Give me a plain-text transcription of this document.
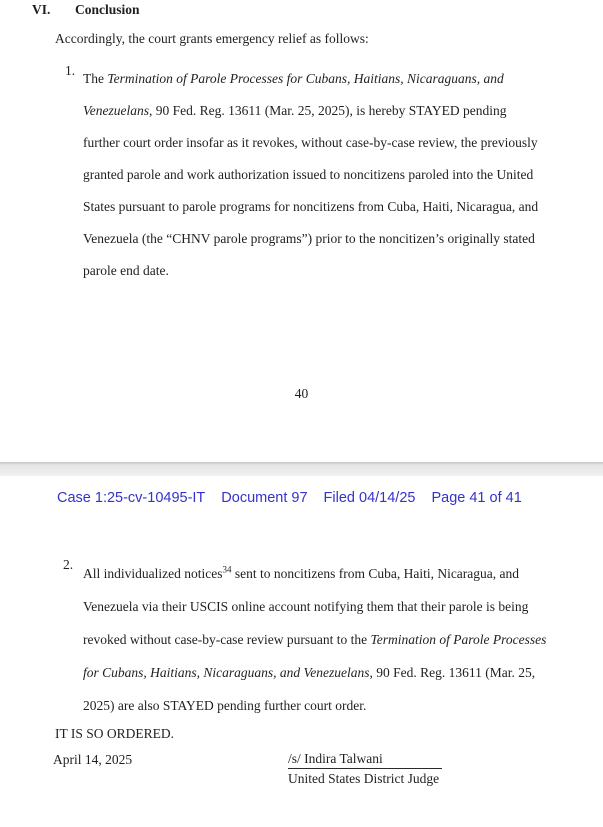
VI. Conclusion
Accordingly, the court grants emergency relief as follows:
1.
The Termination of Parole Processes for Cubans, Haitians, Nicaraguans, and
Venezuelans, 90 Fed. Reg. 13611 (Mar. 25, 2025), is hereby STAYED pending
further court order insofar as it revokes, without case-by-case review, the previously
granted parole and work authorization issued to noncitizens paroled into the United
States pursuant to parole programs for noncitizens from Cuba, Haiti, Nicaragua, and
Venezuela (the “CHNV parole programs”) prior to the noncitizen’s originally stated
parole end date.
40
Case 1:25-cv-10495-IT Document 97 Filed 04/14/25 Page 41 of 41
2.
All individualized notices$^{34}$ sent to noncitizens from Cuba, Haiti, Nicaragua, and
Venezuela via their USCIS online account notifying them that their parole is being
revoked without case-by-case review pursuant to the Termination of Parole Processes
for Cubans, Haitians, Nicaraguans, and Venezuelans, 90 Fed. Reg. 13611 (Mar. 25,
2025) are also STAYED pending further court order.
IT IS SO ORDERED.
April 14, 2025	/s/ Indira Talwani
United States District Judge
